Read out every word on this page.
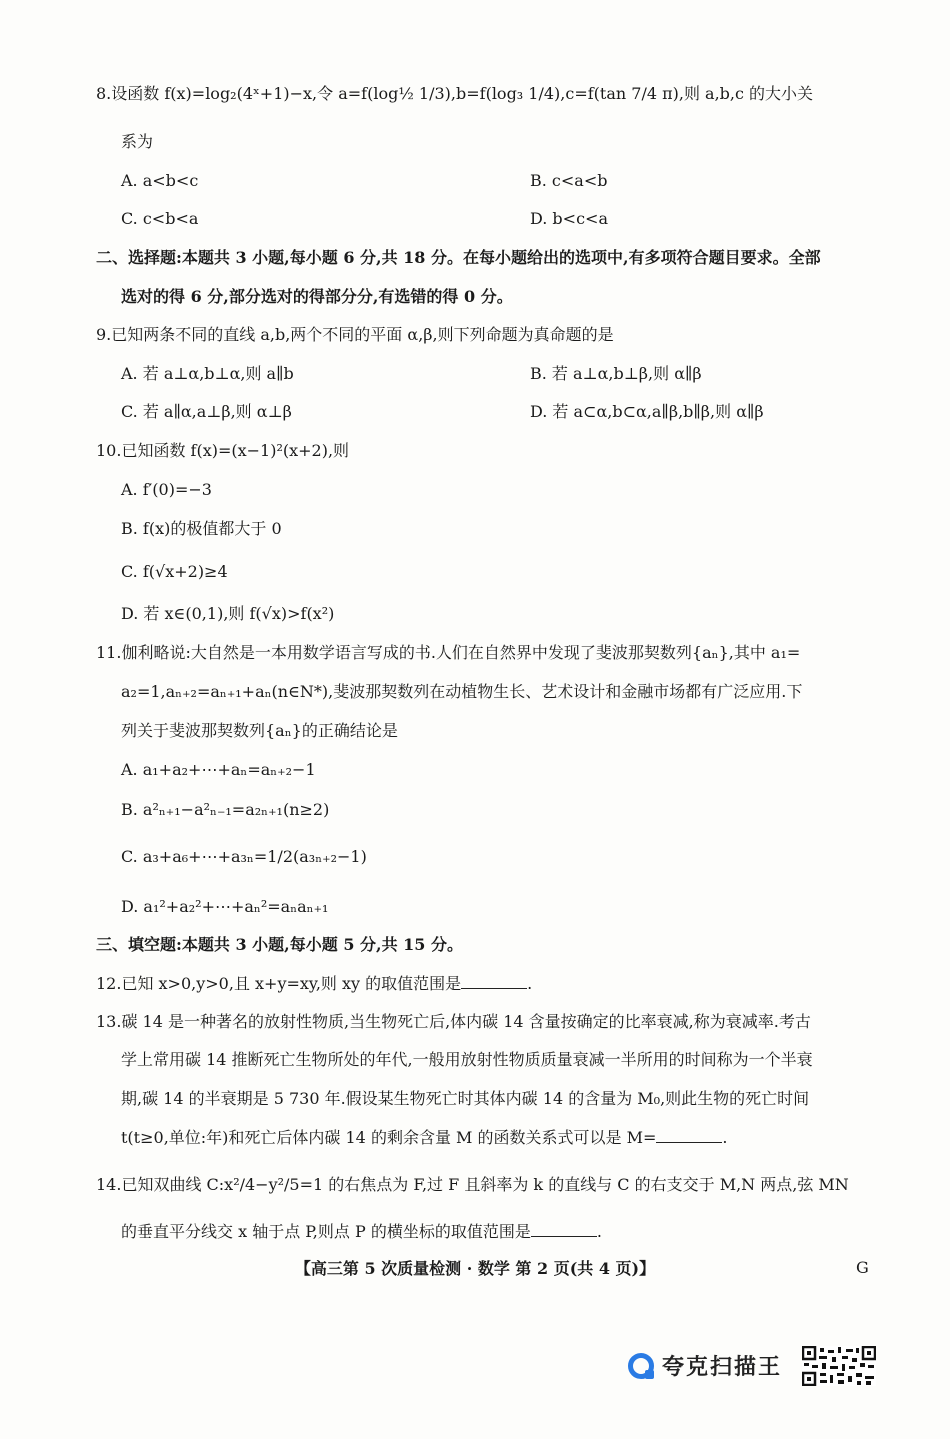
8.设函数 f(x)=log₂(4ˣ+1)−x,令 a=f(log½ 1/3),b=f(log₃ 1/4),c=f(tan 7/4 π),则 a,b,c 的大小关
系为
A. a<b<c	B. c<a<b
C. c<b<a	D. b<c<a
二、选择题:本题共 3 小题,每小题 6 分,共 18 分。在每小题给出的选项中,有多项符合题目要求。全部
选对的得 6 分,部分选对的得部分分,有选错的得 0 分。
9.已知两条不同的直线 a,b,两个不同的平面 α,β,则下列命题为真命题的是
A. 若 a⊥α,b⊥α,则 a∥b	B. 若 a⊥α,b⊥β,则 α∥β
C. 若 a∥α,a⊥β,则 α⊥β	D. 若 a⊂α,b⊂α,a∥β,b∥β,则 α∥β
10.已知函数 f(x)=(x−1)²(x+2),则
A. f′(0)=−3
B. f(x)的极值都大于 0
C. f(√x+2)≥4
D. 若 x∈(0,1),则 f(√x)>f(x²)
11.伽利略说:大自然是一本用数学语言写成的书.人们在自然界中发现了斐波那契数列{aₙ},其中 a₁=
a₂=1,aₙ₊₂=aₙ₊₁+aₙ(n∈N*),斐波那契数列在动植物生长、艺术设计和金融市场都有广泛应用.下
列关于斐波那契数列{aₙ}的正确结论是
A. a₁+a₂+⋯+aₙ=aₙ₊₂−1
B. a²ₙ₊₁−a²ₙ₋₁=a₂ₙ₊₁(n≥2)
C. a₃+a₆+⋯+a₃ₙ=1/2(a₃ₙ₊₂−1)
D. a₁²+a₂²+⋯+aₙ²=aₙaₙ₊₁
三、填空题:本题共 3 小题,每小题 5 分,共 15 分。
12.已知 x>0,y>0,且 x+y=xy,则 xy 的取值范围是	.
13.碳 14 是一种著名的放射性物质,当生物死亡后,体内碳 14 含量按确定的比率衰减,称为衰减率.考古
学上常用碳 14 推断死亡生物所处的年代,一般用放射性物质质量衰减一半所用的时间称为一个半衰
期,碳 14 的半衰期是 5 730 年.假设某生物死亡时其体内碳 14 的含量为 M₀,则此生物的死亡时间
t(t≥0,单位:年)和死亡后体内碳 14 的剩余含量 M 的函数关系式可以是 M=	.
14.已知双曲线 C:x²/4−y²/5=1 的右焦点为 F,过 F 且斜率为 k 的直线与 C 的右支交于 M,N 两点,弦 MN
的垂直平分线交 x 轴于点 P,则点 P 的横坐标的取值范围是	.
【高三第 5 次质量检测 · 数学 第 2 页(共 4 页)】	G
夸克扫描王
